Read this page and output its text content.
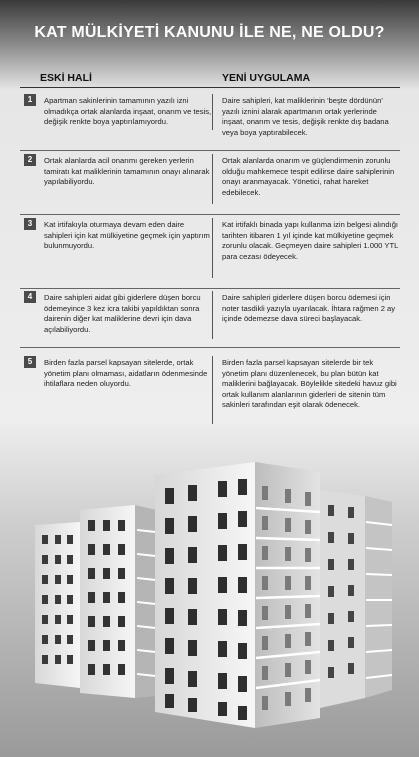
KAT MÜLKİYETİ KANUNU İLE NE, NE OLDU?
ESKİ HALİ	YENİ UYGULAMA
1	Apartman sakinlerinin tamamının yazılı izni olmadıkça ortak alanlarda inşaat, onarım ve tesis, değişik renkte boya yaptırılamıyordu.
Daire sahipleri, kat maliklerinin 'beşte dördünün' yazılı iznini alarak apartmanın ortak yerlerinde inşaat, onarım ve tesis, değişik renkte dış badana veya boya yaptırabilecek.
2	Ortak alanlarda acil onarımı gereken yerlerin tamiratı kat maliklerinin tamamının onayı alınarak yapılabiliyordu.
Ortak alanlarda onarım ve güçlendirmenin zorunlu olduğu mahkemece tespit edilirse daire sahiplerinin onayı aranmayacak. Yönetici, rahat hareket edebilecek.
3	Kat irtifakıyla oturmaya devam eden daire sahipleri için kat mülkiyetine geçmek için yaptırım bulunmuyordu.
Kat irtifaklı binada yapı kullanma izin belgesi alındığı tarihten itibaren 1 yıl içinde kat mülkiyetine geçmek zorunlu olacak. Geçmeyen daire sahipleri 1.000 YTL para cezası ödeyecek.
4	Daire sahipleri aidat gibi giderlere düşen borcu ödemeyince 3 kez icra takibi yapıldıktan sonra dairenin diğer kat maliklerine devri için dava açılabiliyordu.
Daire sahipleri giderlere düşen borcu ödemesi için noter tasdikli yazıyla uyarılacak. İhtara rağmen 2 ay içinde ödemezse dava süreci başlayacak.
5	Birden fazla parsel kapsayan sitelerde, ortak yönetim planı olmaması, aidatların ödenmesinde ihtilaflara neden oluyordu.
Birden fazla parsel kapsayan sitelerde bir tek yönetim planı düzenlenecek, bu plan bütün kat maliklerini bağlayacak. Böylelikle sitedeki havuz gibi ortak kullanım alanlarının giderleri de sitenin tüm sakinleri tarafından eşit olarak ödenecek.
